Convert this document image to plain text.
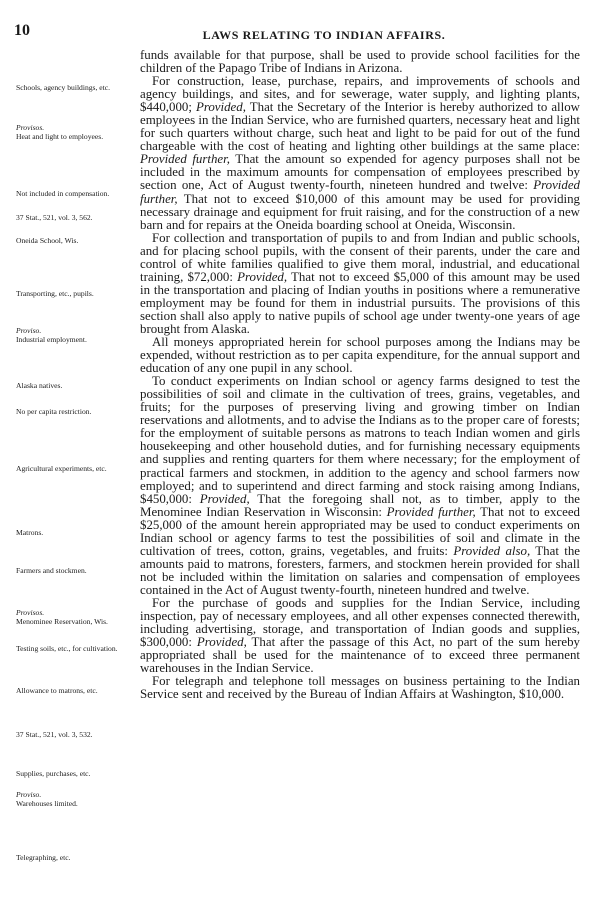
10	LAWS RELATING TO INDIAN AFFAIRS.
Schools, agency buildings, etc.
Provisos.
Heat and light to employees.
Not included in compensation.
37 Stat., 521, vol. 3, 562.
Oneida School, Wis.
Transporting, etc., pupils.
Proviso.
Industrial employment.
Alaska natives.
No per capita restriction.
Agricultural experiments, etc.
Matrons.
Farmers and stockmen.
Provisos.
Menominee Reservation, Wis.
Testing soils, etc., for cultivation.
Allowance to matrons, etc.
37 Stat., 521, vol. 3, 532.
Supplies, purchases, etc.
Proviso.
Warehouses limited.
Telegraphing, etc.

funds available for that purpose, shall be used to provide school facilities for the children of the Papago Tribe of Indians in Arizona.

For construction, lease, purchase, repairs, and improvements of schools and agency buildings, and sites, and for sewerage, water supply, and lighting plants, $440,000; Provided, That the Secretary of the Interior is hereby authorized to allow employees in the Indian Service, who are furnished quarters, necessary heat and light for such quarters without charge, such heat and light to be paid for out of the fund chargeable with the cost of heating and lighting other buildings at the same place: Provided further, That the amount so expended for agency purposes shall not be included in the maximum amounts for compensation of employees prescribed by section one, Act of August twenty-fourth, nineteen hundred and twelve: Provided further, That not to exceed $10,000 of this amount may be used for providing necessary drainage and equipment for fruit raising, and for the construction of a new barn and for repairs at the Oneida boarding school at Oneida, Wisconsin.

For collection and transportation of pupils to and from Indian and public schools, and for placing school pupils, with the consent of their parents, under the care and control of white families qualified to give them moral, industrial, and educational training, $72,000: Provided, That not to exceed $5,000 of this amount may be used in the transportation and placing of Indian youths in positions where a remunerative employment may be found for them in industrial pursuits. The provisions of this section shall also apply to native pupils of school age under twenty-one years of age brought from Alaska.

All moneys appropriated herein for school purposes among the Indians may be expended, without restriction as to per capita expenditure, for the annual support and education of any one pupil in any school.

To conduct experiments on Indian school or agency farms designed to test the possibilities of soil and climate in the cultivation of trees, grains, vegetables, and fruits; for the purposes of preserving living and growing timber on Indian reservations and allotments, and to advise the Indians as to the proper care of forests; for the employment of suitable persons as matrons to teach Indian women and girls housekeeping and other household duties, and for furnishing necessary equipments and supplies and renting quarters for them where necessary; for the employment of practical farmers and stockmen, in addition to the agency and school farmers now employed; and to superintend and direct farming and stock raising among Indians, $450,000: Provided, That the foregoing shall not, as to timber, apply to the Menominee Indian Reservation in Wisconsin: Provided further, That not to exceed $25,000 of the amount herein appropriated may be used to conduct experiments on Indian school or agency farms to test the possibilities of soil and climate in the cultivation of trees, cotton, grains, vegetables, and fruits: Provided also, That the amounts paid to matrons, foresters, farmers, and stockmen herein provided for shall not be included within the limitation on salaries and compensation of employees contained in the Act of August twenty-fourth, nineteen hundred and twelve.

For the purchase of goods and supplies for the Indian Service, including inspection, pay of necessary employees, and all other expenses connected therewith, including advertising, storage, and transportation of Indian goods and supplies, $300,000: Provided, That after the passage of this Act, no part of the sum hereby appropriated shall be used for the maintenance of to exceed three permanent warehouses in the Indian Service.

For telegraph and telephone toll messages on business pertaining to the Indian Service sent and received by the Bureau of Indian Affairs at Washington, $10,000.
